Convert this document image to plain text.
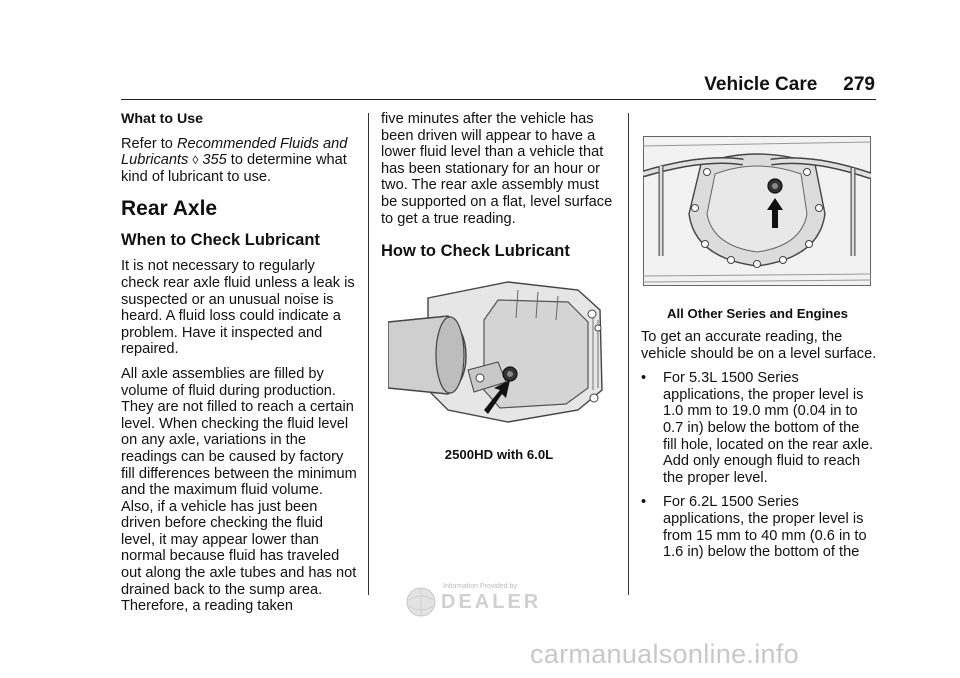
Vehicle Care 279
What to Use

Refer to Recommended Fluids and Lubricants ◊ 355 to determine what kind of lubricant to use.

Rear Axle
When to Check Lubricant

It is not necessary to regularly check rear axle fluid unless a leak is suspected or an unusual noise is heard. A fluid loss could indicate a problem. Have it inspected and repaired.

All axle assemblies are filled by volume of fluid during production. They are not filled to reach a certain level. When checking the fluid level on any axle, variations in the readings can be caused by factory fill differences between the minimum and the maximum fluid volume. Also, if a vehicle has just been driven before checking the fluid level, it may appear lower than normal because fluid has traveled out along the axle tubes and has not drained back to the sump area. Therefore, a reading taken

five minutes after the vehicle has been driven will appear to have a lower fluid level than a vehicle that has been stationary for an hour or two. The rear axle assembly must be supported on a flat, level surface to get a true reading.

How to Check Lubricant
2500HD with 6.0L
All Other Series and Engines

To get an accurate reading, the vehicle should be on a level surface.

• For 5.3L 1500 Series applications, the proper level is 1.0 mm to 19.0 mm (0.04 in to 0.7 in) below the bottom of the fill hole, located on the rear axle. Add only enough fluid to reach the proper level.
• For 6.2L 1500 Series applications, the proper level is from 15 mm to 40 mm (0.6 in to 1.6 in) below the bottom of the
Information Provided by:
DEALER
carmanualsonline.info
